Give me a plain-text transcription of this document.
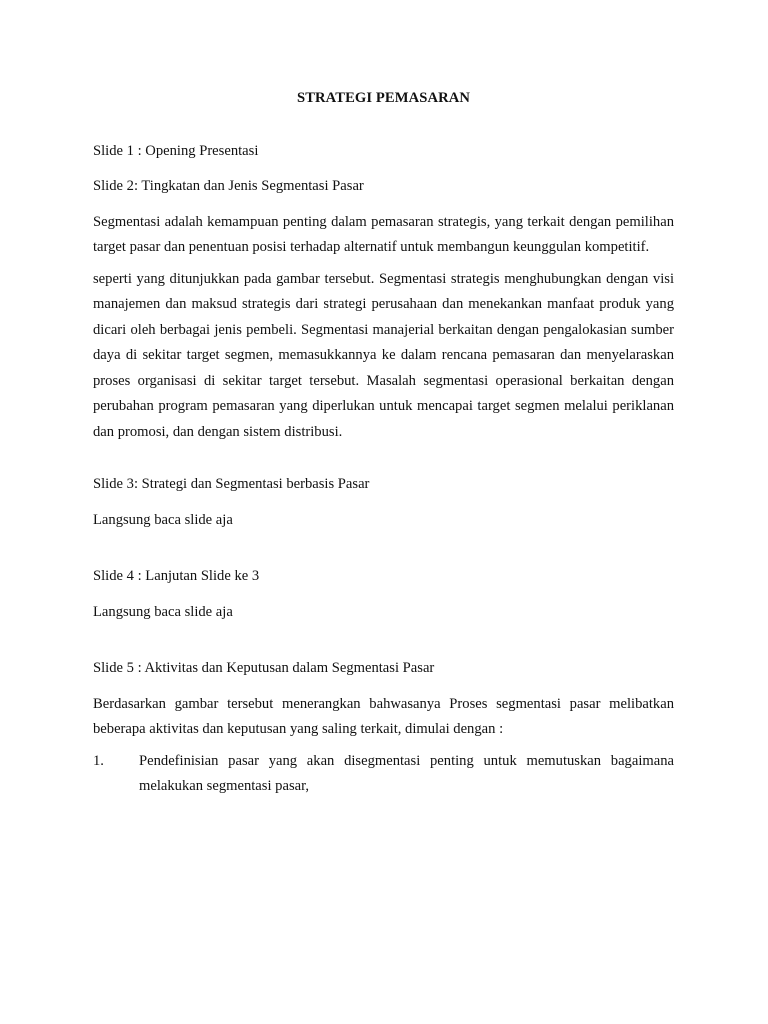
STRATEGI PEMASARAN
Slide 1 : Opening Presentasi
Slide 2: Tingkatan dan Jenis Segmentasi Pasar
Segmentasi adalah kemampuan penting dalam pemasaran strategis, yang terkait dengan pemilihan target pasar dan penentuan posisi terhadap alternatif untuk membangun keunggulan kompetitif.
seperti yang ditunjukkan pada gambar tersebut. Segmentasi strategis menghubungkan dengan visi manajemen dan maksud strategis dari strategi perusahaan dan menekankan manfaat produk yang dicari oleh berbagai jenis pembeli. Segmentasi manajerial berkaitan dengan pengalokasian sumber daya di sekitar target segmen, memasukkannya ke dalam rencana pemasaran dan menyelaraskan proses organisasi di sekitar target tersebut. Masalah segmentasi operasional berkaitan dengan perubahan program pemasaran yang diperlukan untuk mencapai target segmen melalui periklanan dan promosi, dan dengan sistem distribusi.
Slide 3: Strategi dan Segmentasi berbasis Pasar
Langsung baca slide aja
Slide 4 : Lanjutan Slide ke 3
Langsung baca slide aja
Slide 5 : Aktivitas dan Keputusan dalam Segmentasi Pasar
Berdasarkan gambar tersebut menerangkan bahwasanya Proses segmentasi pasar melibatkan beberapa aktivitas dan keputusan yang saling terkait, dimulai dengan :
1.	Pendefinisian pasar yang akan disegmentasi penting untuk memutuskan bagaimana melakukan segmentasi pasar,
